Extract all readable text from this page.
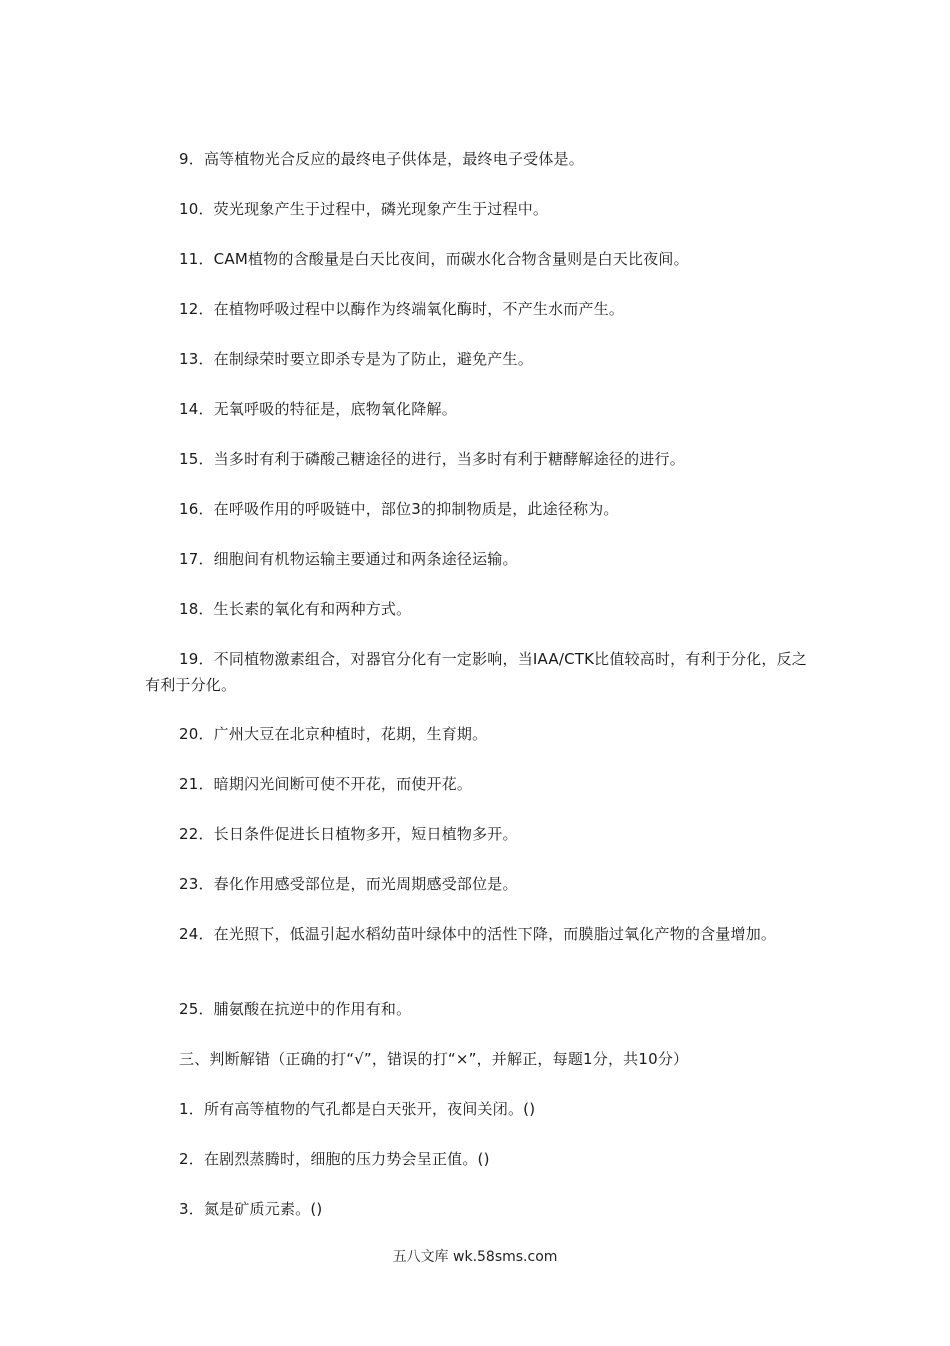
9．高等植物光合反应的最终电子供体是，最终电子受体是。

10．荧光现象产生于过程中，磷光现象产生于过程中。

11．CAM植物的含酸量是白天比夜间，而碳水化合物含量则是白天比夜间。

12．在植物呼吸过程中以酶作为终端氧化酶时，不产生水而产生。

13．在制绿荣时要立即杀专是为了防止，避免产生。

14．无氧呼吸的特征是，底物氧化降解。

15．当多时有利于磷酸己糖途径的进行，当多时有利于糖酵解途径的进行。

16．在呼吸作用的呼吸链中，部位3的抑制物质是，此途径称为。

17．细胞间有机物运输主要通过和两条途径运输。

18．生长素的氧化有和两种方式。

19．不同植物激素组合，对器官分化有一定影响，当IAA/CTK比值较高时，有利于分化，反之有利于分化。

20．广州大豆在北京种植时，花期，生育期。

21．暗期闪光间断可使不开花，而使开花。

22．长日条件促进长日植物多开，短日植物多开。

23．春化作用感受部位是，而光周期感受部位是。

24．在光照下，低温引起水稻幼苗叶绿体中的活性下降，而膜脂过氧化产物的含量增加。

25．脯氨酸在抗逆中的作用有和。

三、判断解错（正确的打“√”，错误的打“×”，并解正，每题1分，共10分）

1．所有高等植物的气孔都是白天张开，夜间关闭。()

2．在剧烈蒸腾时，细胞的压力势会呈正值。()

3．氮是矿质元素。()

五八文库 wk.58sms.com
